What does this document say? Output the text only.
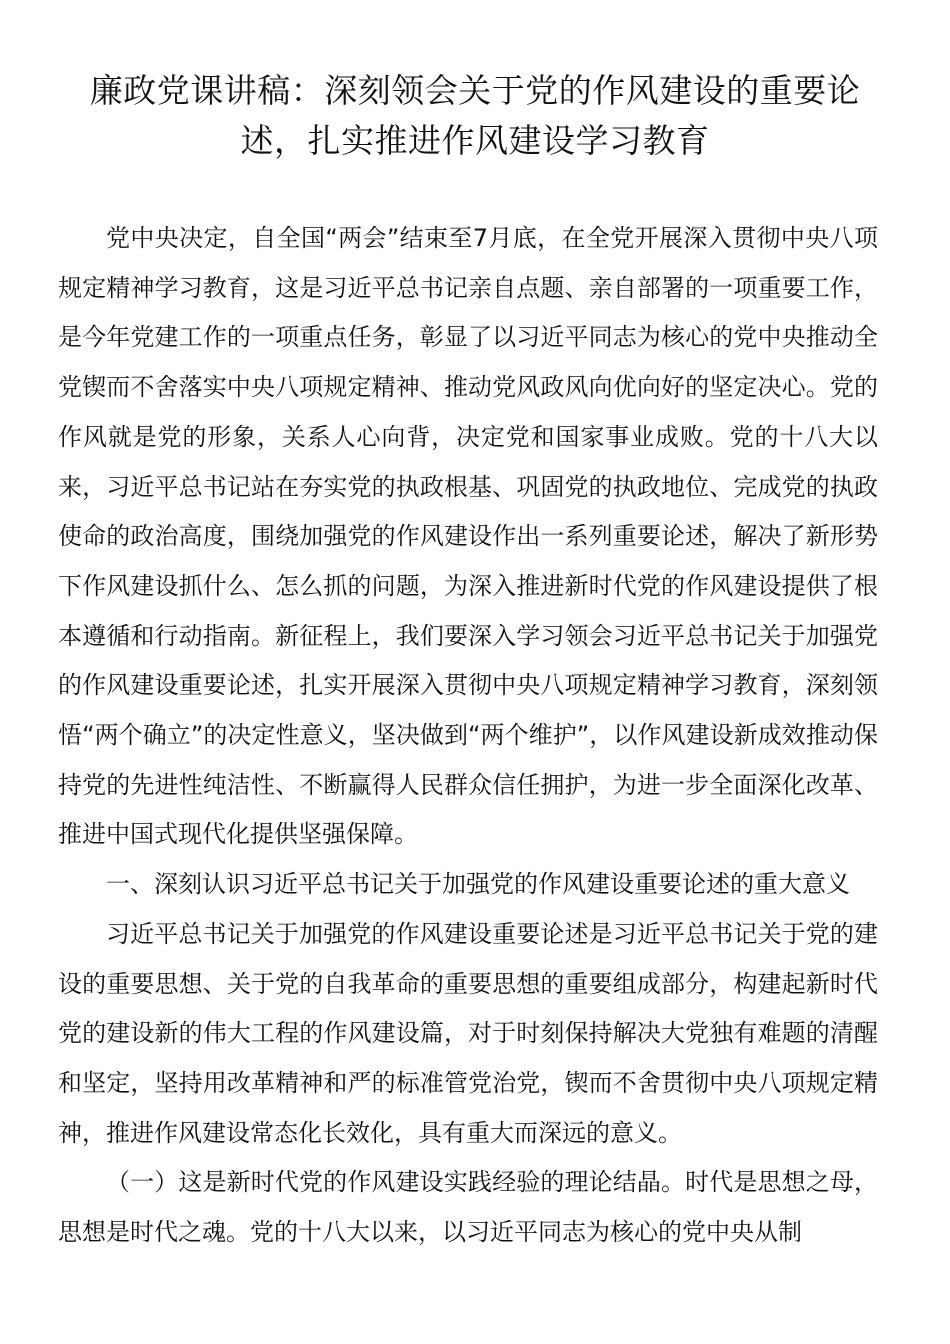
廉政党课讲稿：深刻领会关于党的作风建设的重要论述，扎实推进作风建设学习教育

党中央决定，自全国“两会”结束至7月底，在全党开展深入贯彻中央八项规定精神学习教育，这是习近平总书记亲自点题、亲自部署的一项重要工作，是今年党建工作的一项重点任务，彰显了以习近平同志为核心的党中央推动全党锲而不舍落实中央八项规定精神、推动党风政风向优向好的坚定决心。党的作风就是党的形象，关系人心向背，决定党和国家事业成败。党的十八大以来，习近平总书记站在夯实党的执政根基、巩固党的执政地位、完成党的执政使命的政治高度，围绕加强党的作风建设作出一系列重要论述，解决了新形势下作风建设抓什么、怎么抓的问题，为深入推进新时代党的作风建设提供了根本遵循和行动指南。新征程上，我们要深入学习领会习近平总书记关于加强党的作风建设重要论述，扎实开展深入贯彻中央八项规定精神学习教育，深刻领悟“两个确立”的决定性意义，坚决做到“两个维护”，以作风建设新成效推动保持党的先进性纯洁性、不断赢得人民群众信任拥护，为进一步全面深化改革、推进中国式现代化提供坚强保障。

一、深刻认识习近平总书记关于加强党的作风建设重要论述的重大意义

习近平总书记关于加强党的作风建设重要论述是习近平总书记关于党的建设的重要思想、关于党的自我革命的重要思想的重要组成部分，构建起新时代党的建设新的伟大工程的作风建设篇，对于时刻保持解决大党独有难题的清醒和坚定，坚持用改革精神和严的标准管党治党，锲而不舍贯彻中央八项规定精神，推进作风建设常态化长效化，具有重大而深远的意义。

（一）这是新时代党的作风建设实践经验的理论结晶。时代是思想之母，思想是时代之魂。党的十八大以来，以习近平同志为核心的党中央从制
